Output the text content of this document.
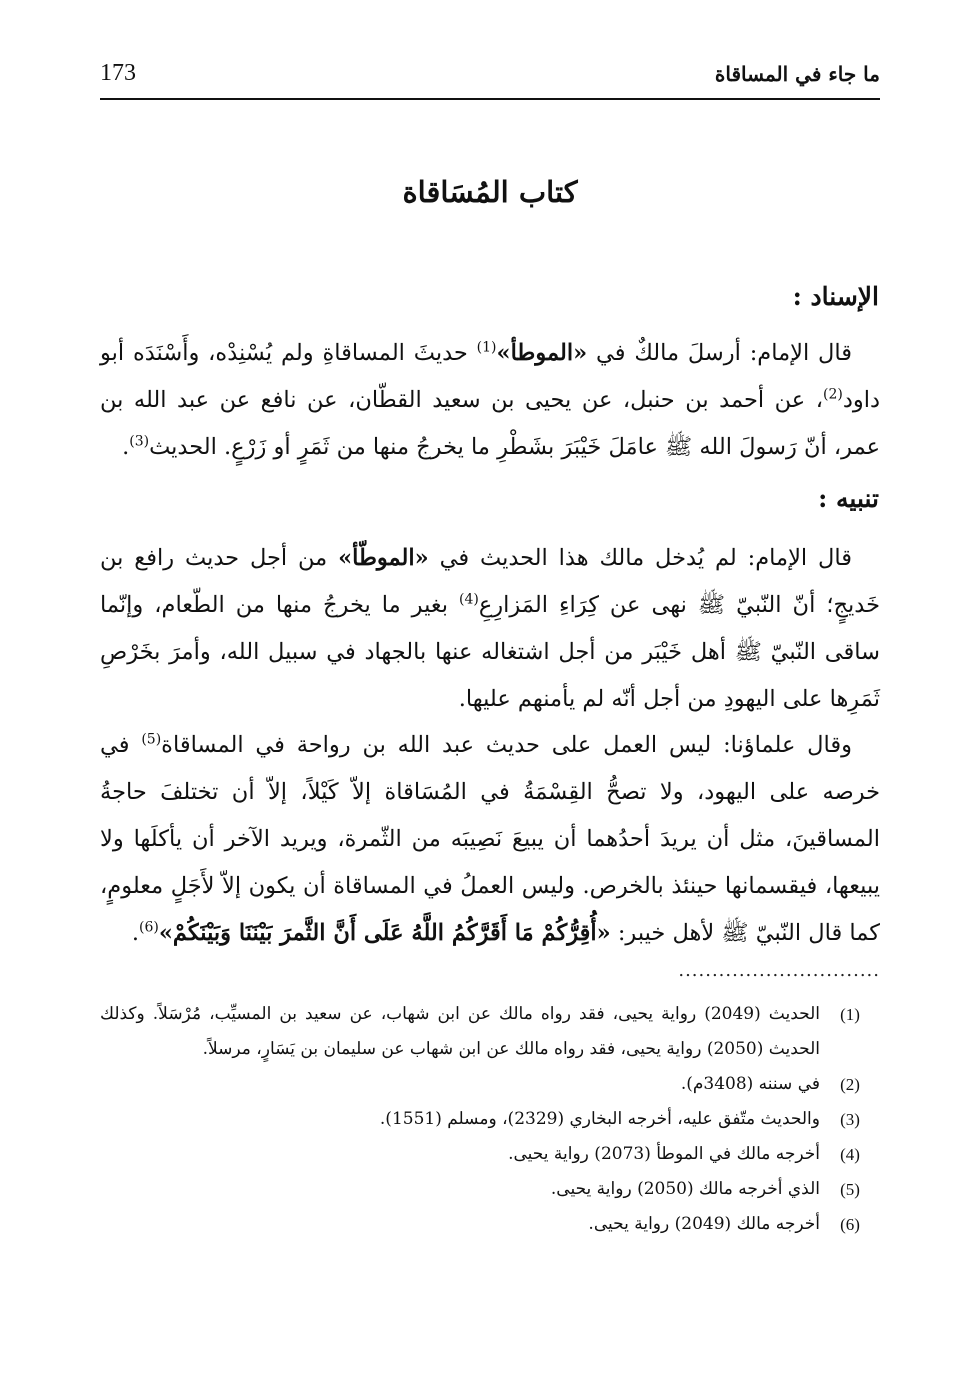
173	ما جاء في المساقاة
كتاب المُسَاقاة
الإسناد :

قال الإمام: أرسلَ مالكٌ في «الموطأ»$^{(1)}$ حديثَ المساقاةِ ولم يُسْنِدْه، وأَسْنَدَه أبو داود$^{(2)}$، عن أحمد بن حنبل، عن يحيى بن سعيد القطّان، عن نافع عن عبد الله بن عمر، أنّ رَسولَ الله ﷺ عامَلَ خَيْبَرَ بشَطْرِ ما يخرجُ منها من ثَمَرٍ أو زَرْعٍ. الحديث$^{(3)}$.

تنبيه :

قال الإمام: لم يُدخل مالك هذا الحديث في «الموطّأ» من أجل حديث رافع بن خَديجٍ؛ أنّ النّبيّ ﷺ نهى عن كِرَاءِ المَزارِعِ$^{(4)}$ بغير ما يخرجُ منها من الطّعام، وإنّما ساقى النّبيّ ﷺ أهل خَيْبَر من أجل اشتغاله عنها بالجهاد في سبيل الله، وأمرَ بخَرْصِ ثَمَرِها على اليهودِ من أجل أنّه لم يأمنهم عليها.

وقال علماؤنا: ليس العمل على حديث عبد الله بن رواحة في المساقاة$^{(5)}$ في خرصه على اليهود، ولا تصحُّ القِسْمَةُ في المُسَاقاة إلاّ كَيْلاً، إلاّ أن تختلفَ حاجةُ المساقينَ، مثل أن يريدَ أحدُهما أن يبيعَ نَصِيبَه من الثّمرة، ويريد الآخر أن يأكلَها ولا يبيعها، فيقسمانها حينئذ بالخرص. وليس العملُ في المساقاة أن يكون إلاّ لأَجَلٍ معلومٍ، كما قال النّبيّ ﷺ لأهل خيبر: «أُقِرُّكُمْ مَا أَقَرَّكُمُ اللَّهُ عَلَى أَنَّ الثَّمرَ بَيْنَنَا وَبَيْنَكُمْ»$^{(6)}$.

..............................
(1)
الحديث (2049) رواية يحيى، فقد رواه مالك عن ابن شهاب، عن سعيد بن المسيِّب، مُرْسَلاً. وكذلك الحديث (2050) رواية يحيى، فقد رواه مالك عن ابن شهاب عن سليمان بن يَسَارٍ، مرسلاً.
(2)
في سننه (3408م).
(3)
والحديث متّفق عليه، أخرجه البخاري (2329)، ومسلم (1551).
(4)
أخرجه مالك في الموطأ (2073) رواية يحيى.
(5)
الذي أخرجه مالك (2050) رواية يحيى.
(6)
أخرجه مالك (2049) رواية يحيى.
